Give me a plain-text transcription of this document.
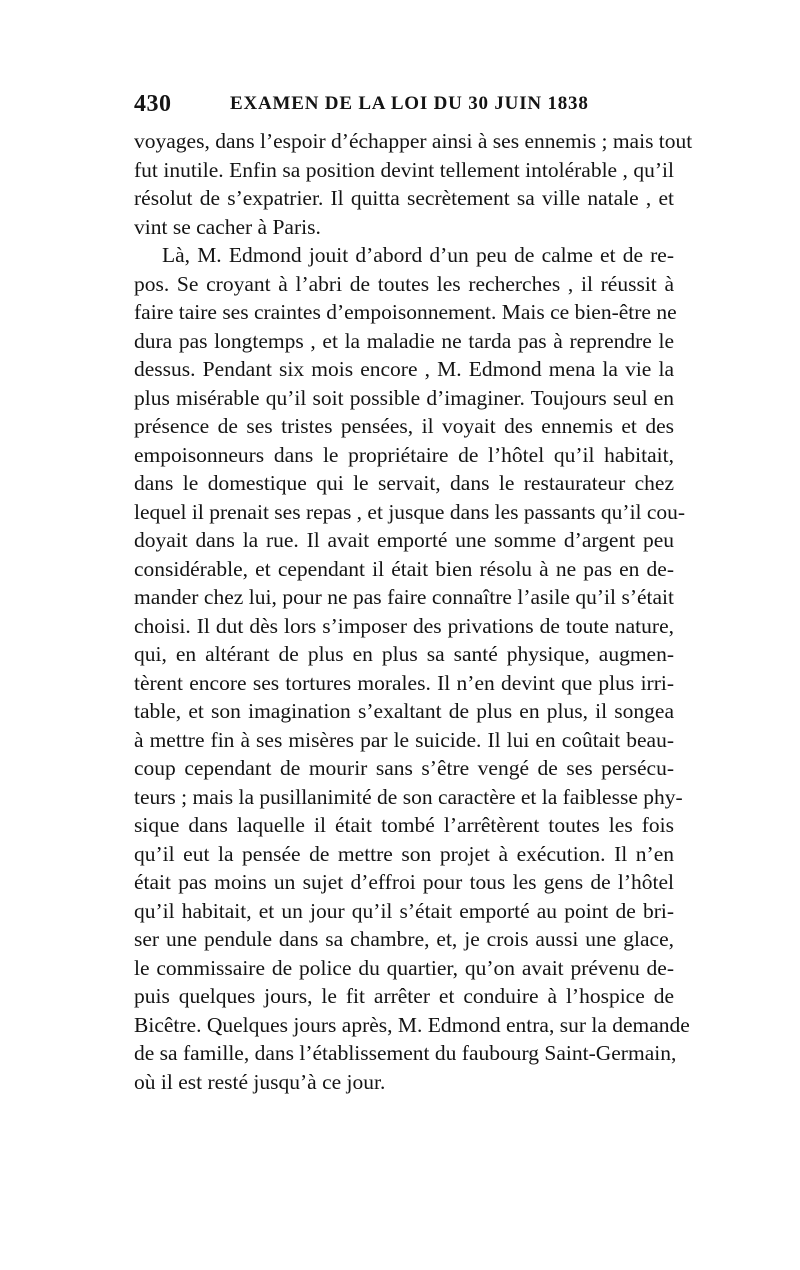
430	EXAMEN DE LA LOI DU 30 JUIN 1838
voyages, dans l’espoir d’échapper ainsi à ses ennemis ; mais tout
fut inutile. Enfin sa position devint tellement intolérable , qu’il
résolut de s’expatrier. Il quitta secrètement sa ville natale , et
vint se cacher à Paris.
Là, M. Edmond jouit d’abord d’un peu de calme et de re-
pos. Se croyant à l’abri de toutes les recherches , il réussit à
faire taire ses craintes d’empoisonnement. Mais ce bien-être ne
dura pas longtemps , et la maladie ne tarda pas à reprendre le
dessus. Pendant six mois encore , M. Edmond mena la vie la
plus misérable qu’il soit possible d’imaginer. Toujours seul en
présence de ses tristes pensées, il voyait des ennemis et des
empoisonneurs dans le propriétaire de l’hôtel qu’il habitait,
dans le domestique qui le servait, dans le restaurateur chez
lequel il prenait ses repas , et jusque dans les passants qu’il cou-
doyait dans la rue. Il avait emporté une somme d’argent peu
considérable, et cependant il était bien résolu à ne pas en de-
mander chez lui, pour ne pas faire connaître l’asile qu’il s’était
choisi. Il dut dès lors s’imposer des privations de toute nature,
qui, en altérant de plus en plus sa santé physique, augmen-
tèrent encore ses tortures morales. Il n’en devint que plus irri-
table, et son imagination s’exaltant de plus en plus, il songea
à mettre fin à ses misères par le suicide. Il lui en coûtait beau-
coup cependant de mourir sans s’être vengé de ses persécu-
teurs ; mais la pusillanimité de son caractère et la faiblesse phy-
sique dans laquelle il était tombé l’arrêtèrent toutes les fois
qu’il eut la pensée de mettre son projet à exécution. Il n’en
était pas moins un sujet d’effroi pour tous les gens de l’hôtel
qu’il habitait, et un jour qu’il s’était emporté au point de bri-
ser une pendule dans sa chambre, et, je crois aussi une glace,
le commissaire de police du quartier, qu’on avait prévenu de-
puis quelques jours, le fit arrêter et conduire à l’hospice de
Bicêtre. Quelques jours après, M. Edmond entra, sur la demande
de sa famille, dans l’établissement du faubourg Saint-Germain,
où il est resté jusqu’à ce jour.
